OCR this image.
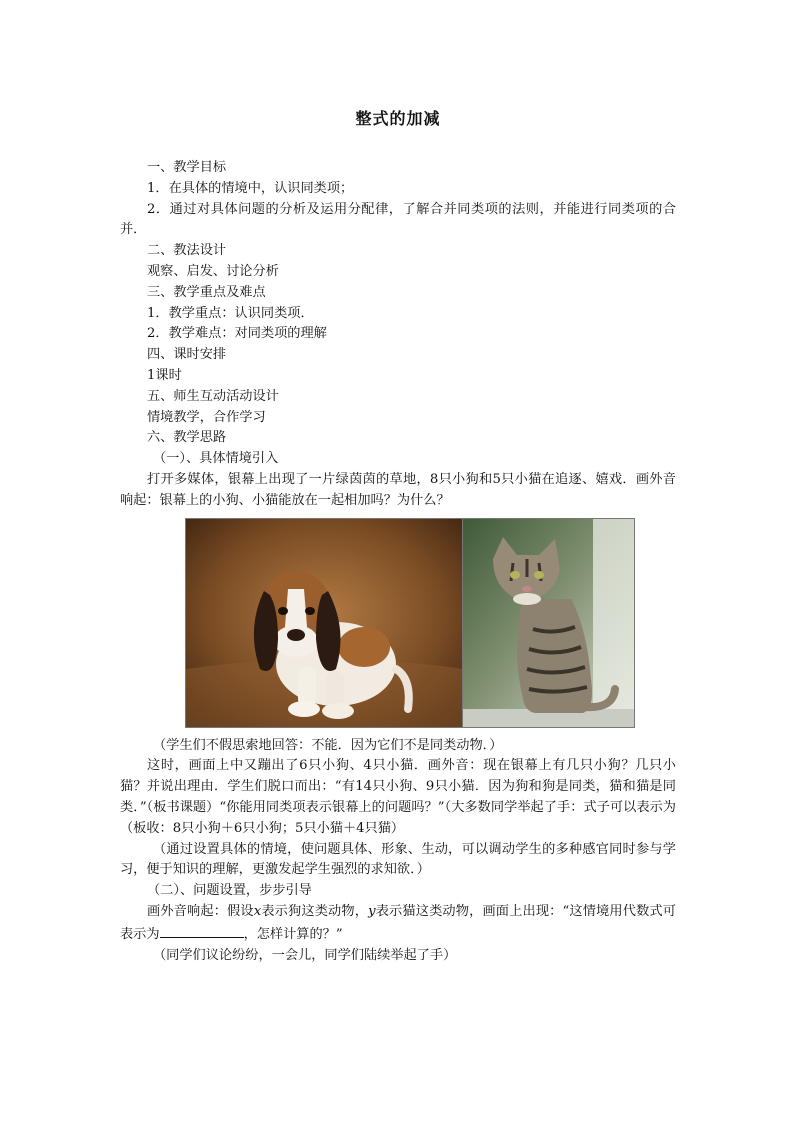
整式的加减

一、教学目标

1．在具体的情境中，认识同类项；

2．通过对具体问题的分析及运用分配律，了解合并同类项的法则，并能进行同类项的合并．

二、教法设计

观察、启发、讨论分析

三、教学重点及难点

1．教学重点：认识同类项．

2．教学难点：对同类项的理解

四、课时安排

1课时

五、师生互动活动设计

情境教学，合作学习

六、教学思路

（一）、具体情境引入

打开多媒体，银幕上出现了一片绿茵茵的草地，8只小狗和5只小猫在追逐、嬉戏．画外音响起：银幕上的小狗、小猫能放在一起相加吗？为什么？

（学生们不假思索地回答：不能．因为它们不是同类动物．）

这时，画面上中又蹦出了6只小狗、4只小猫．画外音：现在银幕上有几只小狗？几只小猫？并说出理由．学生们脱口而出：“有14只小狗、9只小猫．因为狗和狗是同类，猫和猫是同类．”（板书课题）“你能用同类项表示银幕上的问题吗？”（大多数同学举起了手：式子可以表示为（板收：8只小狗＋6只小狗；5只小猫＋4只猫）

（通过设置具体的情境，使问题具体、形象、生动，可以调动学生的多种感官同时参与学习，便于知识的理解，更激发起学生强烈的求知欲．）

（二）、问题设置，步步引导

画外音响起：假设x表示狗这类动物，y表示猫这类动物，画面上出现：“这情境用代数式可表示为	，怎样计算的？”

（同学们议论纷纷，一会儿，同学们陆续举起了手）
